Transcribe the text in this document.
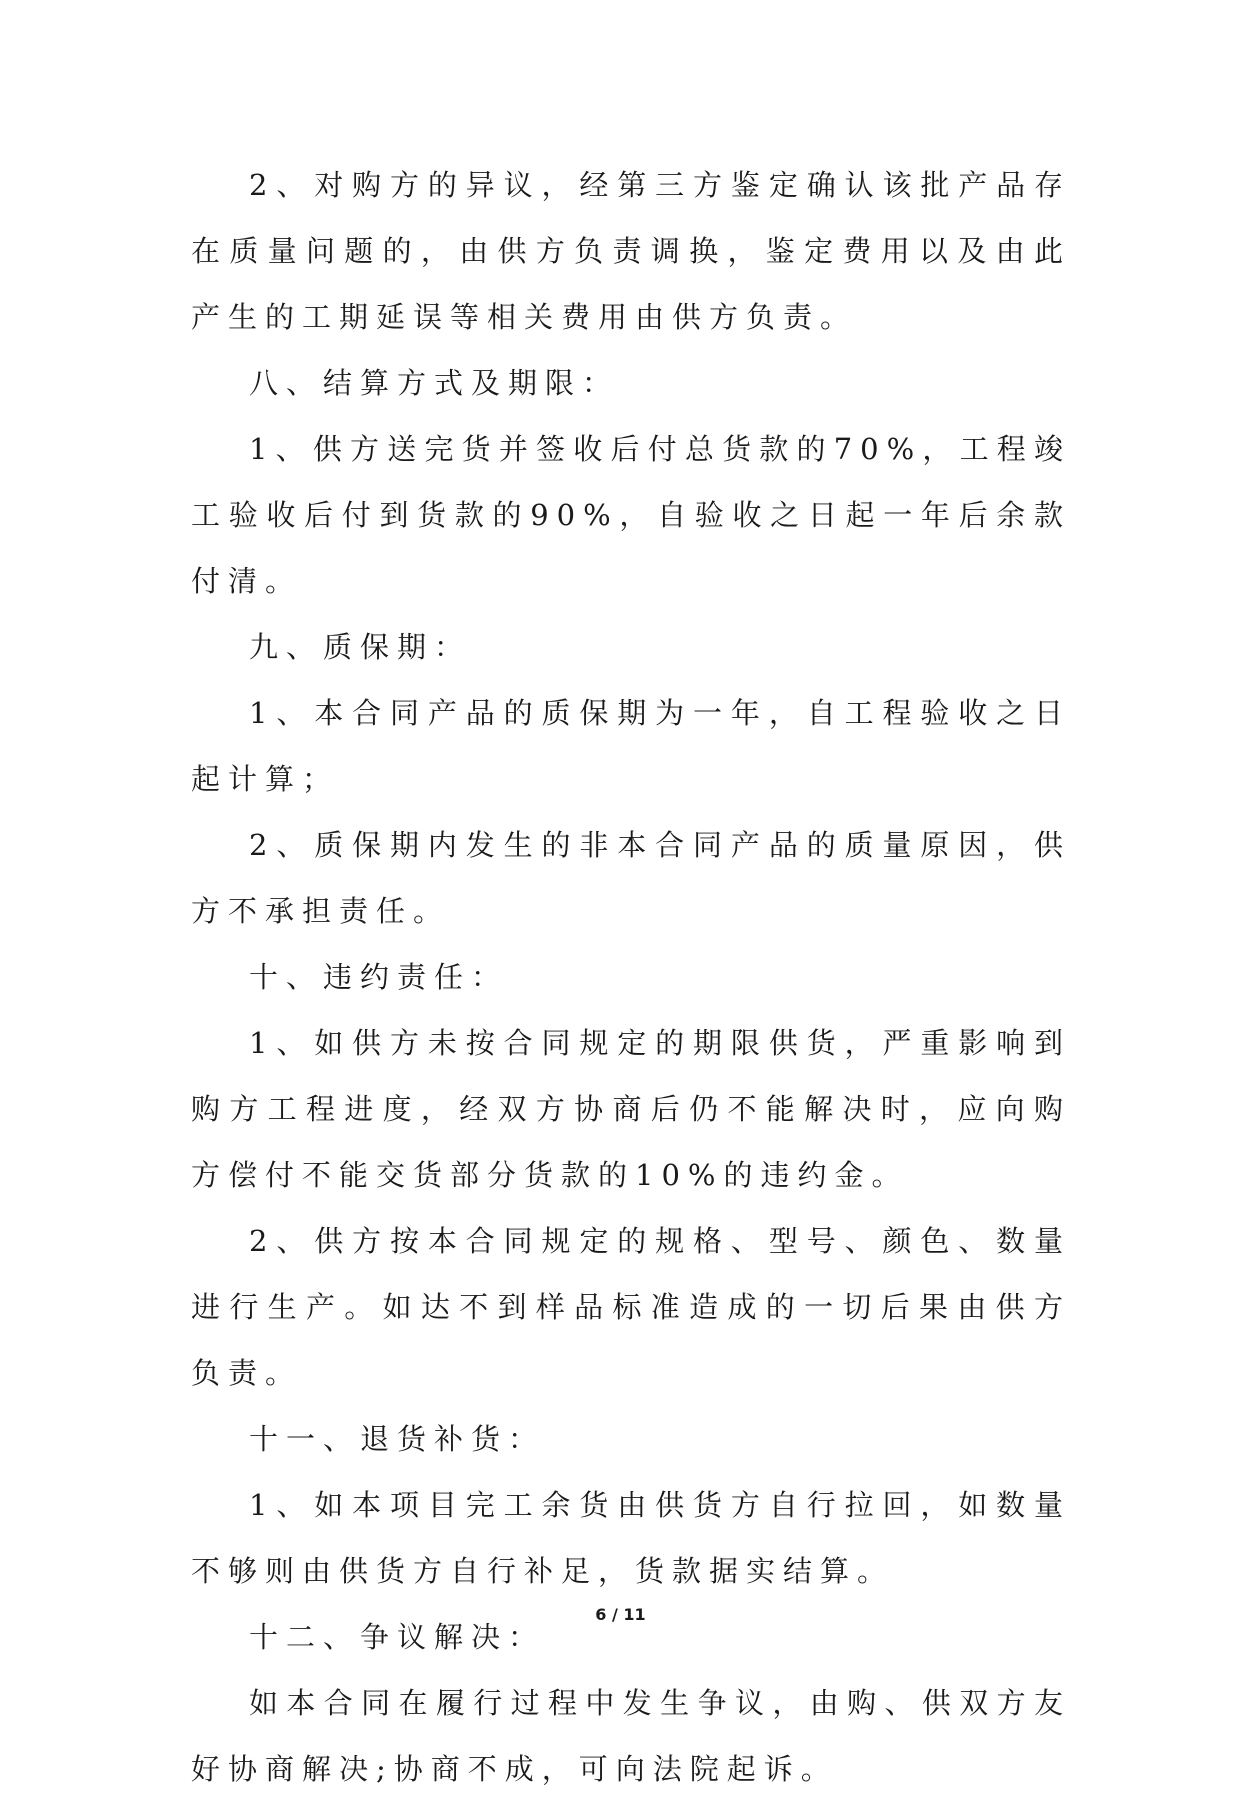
2、对购方的异议，经第三方鉴定确认该批产品存在质量问题的，由供方负责调换，鉴定费用以及由此产生的工期延误等相关费用由供方负责。

八、结算方式及期限：

1、供方送完货并签收后付总货款的70%，工程竣工验收后付到货款的90%，自验收之日起一年后余款付清。

九、质保期：

1、本合同产品的质保期为一年，自工程验收之日起计算；

2、质保期内发生的非本合同产品的质量原因，供方不承担责任。

十、违约责任：

1、如供方未按合同规定的期限供货，严重影响到购方工程进度，经双方协商后仍不能解决时，应向购方偿付不能交货部分货款的10%的违约金。

2、供方按本合同规定的规格、型号、颜色、数量进行生产。如达不到样品标准造成的一切后果由供方负责。

十一、退货补货：

1、如本项目完工余货由供货方自行拉回，如数量不够则由供货方自行补足，货款据实结算。

十二、争议解决：

如本合同在履行过程中发生争议，由购、供双方友好协商解决;协商不成，可向法院起诉。

6 / 11
